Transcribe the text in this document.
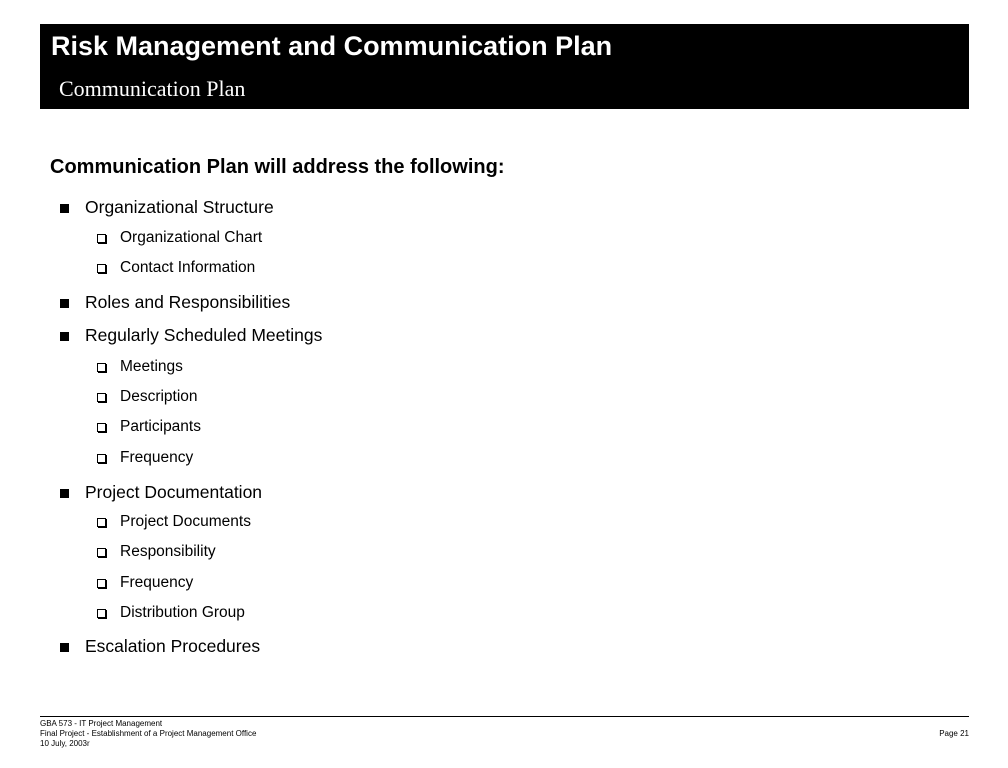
Risk Management and Communication Plan
Communication Plan
Communication Plan will address the following:
Organizational Structure
Organizational Chart
Contact Information
Roles and Responsibilities
Regularly Scheduled Meetings
Meetings
Description
Participants
Frequency
Project Documentation
Project Documents
Responsibility
Frequency
Distribution Group
Escalation Procedures
GBA 573 - IT Project Management
Final Project - Establishment of a Project Management Office
10 July, 2003r
Page 21
